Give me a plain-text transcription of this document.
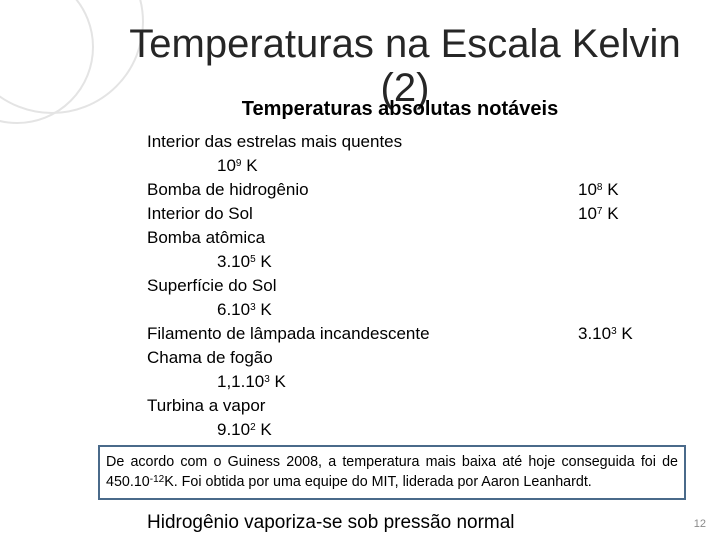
Temperaturas na Escala Kelvin
(2)
Temperaturas absolutas notáveis
Interior das estrelas mais quentes
$10^9$ K
Bomba de hidrogênio
Interior do Sol
Bomba atômica
3.10$^5$ K
Superfície do Sol
6.10$^3$ K
Filamento de lâmpada incandescente
Chama de fogão
1,1.10$^3$ K
Turbina a vapor
9.10$^2$ K
$10^8$ K
$10^7$ K
3.10$^3$ K
Hidrogênio vaporiza-se sob pressão normal
De acordo com o Guiness 2008, a temperatura mais baixa até hoje conseguida foi de $450.10^{-12}K$. Foi obtida por uma equipe do MIT, liderada por Aaron Leanhardt.
12
